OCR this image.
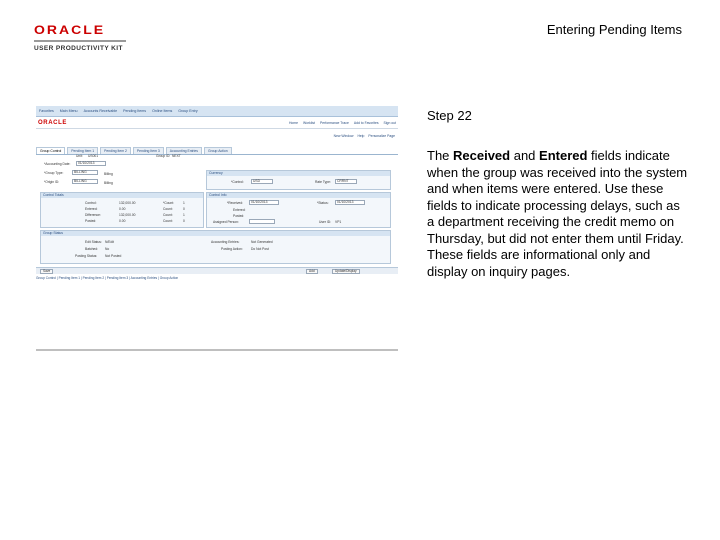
ORACLE
USER PRODUCTIVITY KIT
Entering Pending Items
Favorites Main Menu Accounts Receivable Pending Items Online Items Group Entry
ORACLE	Home Worklist Performance Trace Add to Favorites Sign out
New Window Help Personalize Page
Group Control	Pending Item 1	Pending Item 2	Pending Item 3	Accounting Entries	Group Action
Unit: US001	Group ID: NEXT
*Accounting Date:	01/10/2013
*Group Type:	BILLING	Billing
*Origin ID:	BILLING	Billing
Currency
*Control:	USD	Rate Type:	CRRNT
Control Totals
Control:	132,000.00	*Count:	1
Entered:	0.00	Count:	0
Difference:	132,000.00	Count:	1
Posted:	0.00	Count:	0
Control Info
*Received:	01/10/2013	*Status:	01/10/2013
Entered:
Posted:
Assigned Person:	User ID: VP1
Group Status
Edit Status: N/Edit	Accounting Entries:	Not Generated
Batched: No	Posting Action: Do Not Post
Posting Status: Not Posted
Save	Add	Update/Display
Group Control | Pending Item 1 | Pending Item 2 | Pending Item 3 | Accounting Entries | Group Action
Step 22
The Received and Entered fields indicate when the group was received into the system and when items were entered. Use these fields to indicate processing delays, such as a department receiving the credit memo on Thursday, but did not enter them until Friday. These fields are informational only and display on inquiry pages.
